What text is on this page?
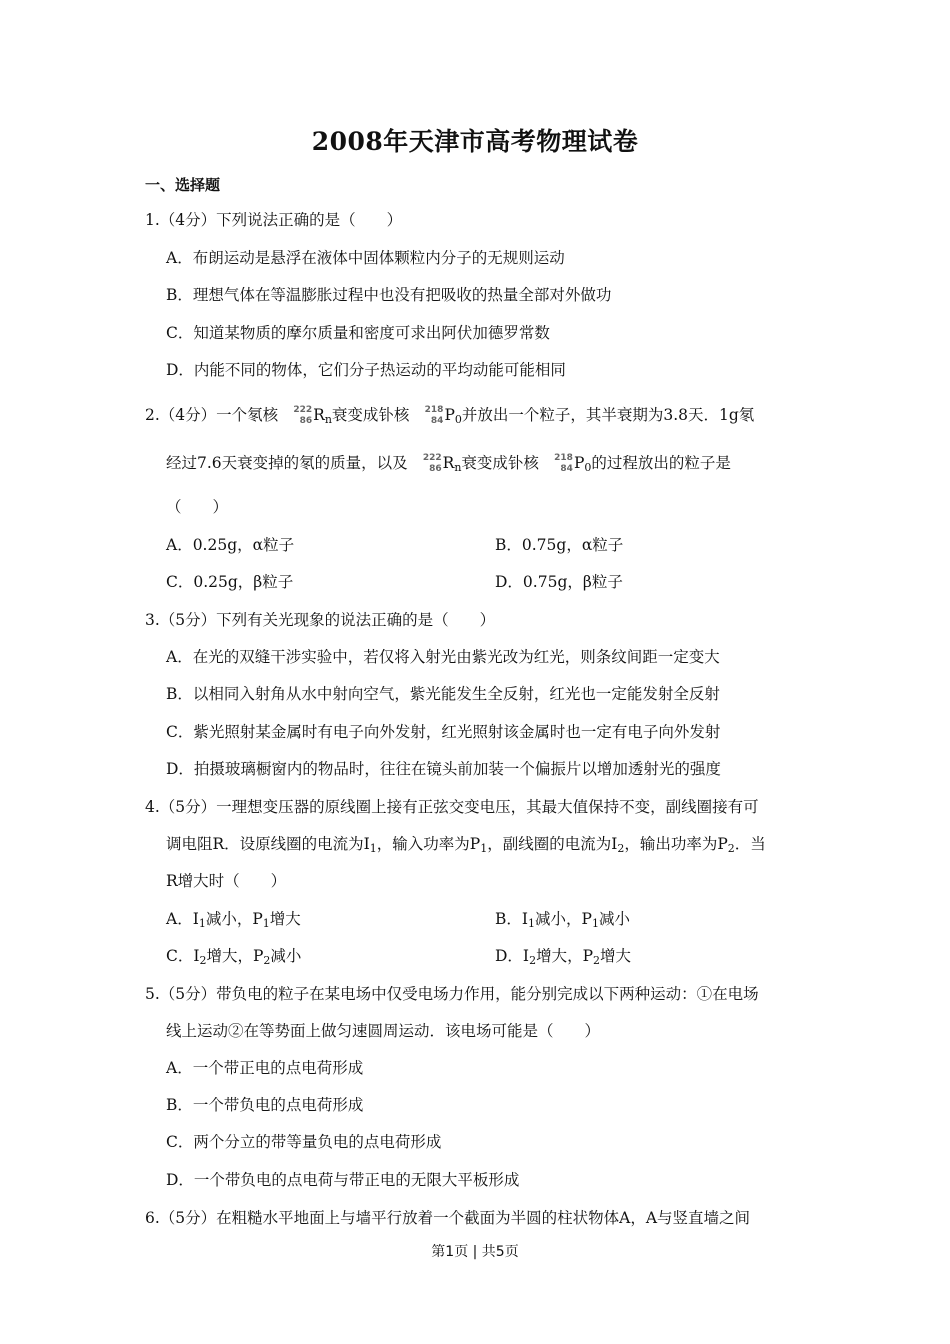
2008年天津市高考物理试卷
一、选择题
1.（4分）下列说法正确的是（　　）
A．布朗运动是悬浮在液体中固体颗粒内分子的无规则运动
B．理想气体在等温膨胀过程中也没有把吸收的热量全部对外做功
C．知道某物质的摩尔质量和密度可求出阿伏加德罗常数
D．内能不同的物体，它们分子热运动的平均动能可能相同
2.（4分）一个氡核 222
86 $R_n$衰变成钋核 218
84 $P_0$并放出一个粒子，其半衰期为3.8天．1g氡
经过7.6天衰变掉的氡的质量，以及 222
86 $R_n$衰变成钋核 218
84 $P_0$的过程放出的粒子是
（　　）
A．0.25g，α粒子	B．0.75g，α粒子
C．0.25g，β粒子	D．0.75g，β粒子
3.（5分）下列有关光现象的说法正确的是（　　）
A．在光的双缝干涉实验中，若仅将入射光由紫光改为红光，则条纹间距一定变大
B．以相同入射角从水中射向空气，紫光能发生全反射，红光也一定能发射全反射
C．紫光照射某金属时有电子向外发射，红光照射该金属时也一定有电子向外发射
D．拍摄玻璃橱窗内的物品时，往往在镜头前加装一个偏振片以增加透射光的强度
4.（5分）一理想变压器的原线圈上接有正弦交变电压，其最大值保持不变，副线圈接有可
调电阻R．设原线圈的电流为$I_1$，输入功率为$P_1$，副线圈的电流为$I_2$，输出功率为$P_2$．当
R增大时（　　）
A．$I_1$减小，$P_1$增大	B．$I_1$减小，$P_1$减小
C．$I_2$增大，$P_2$减小	D．$I_2$增大，$P_2$增大
5.（5分）带负电的粒子在某电场中仅受电场力作用，能分别完成以下两种运动：①在电场
线上运动②在等势面上做匀速圆周运动．该电场可能是（　　）
A．一个带正电的点电荷形成
B．一个带负电的点电荷形成
C．两个分立的带等量负电的点电荷形成
D．一个带负电的点电荷与带正电的无限大平板形成
6.（5分）在粗糙水平地面上与墙平行放着一个截面为半圆的柱状物体A，A与竖直墙之间
第1页 | 共5页
